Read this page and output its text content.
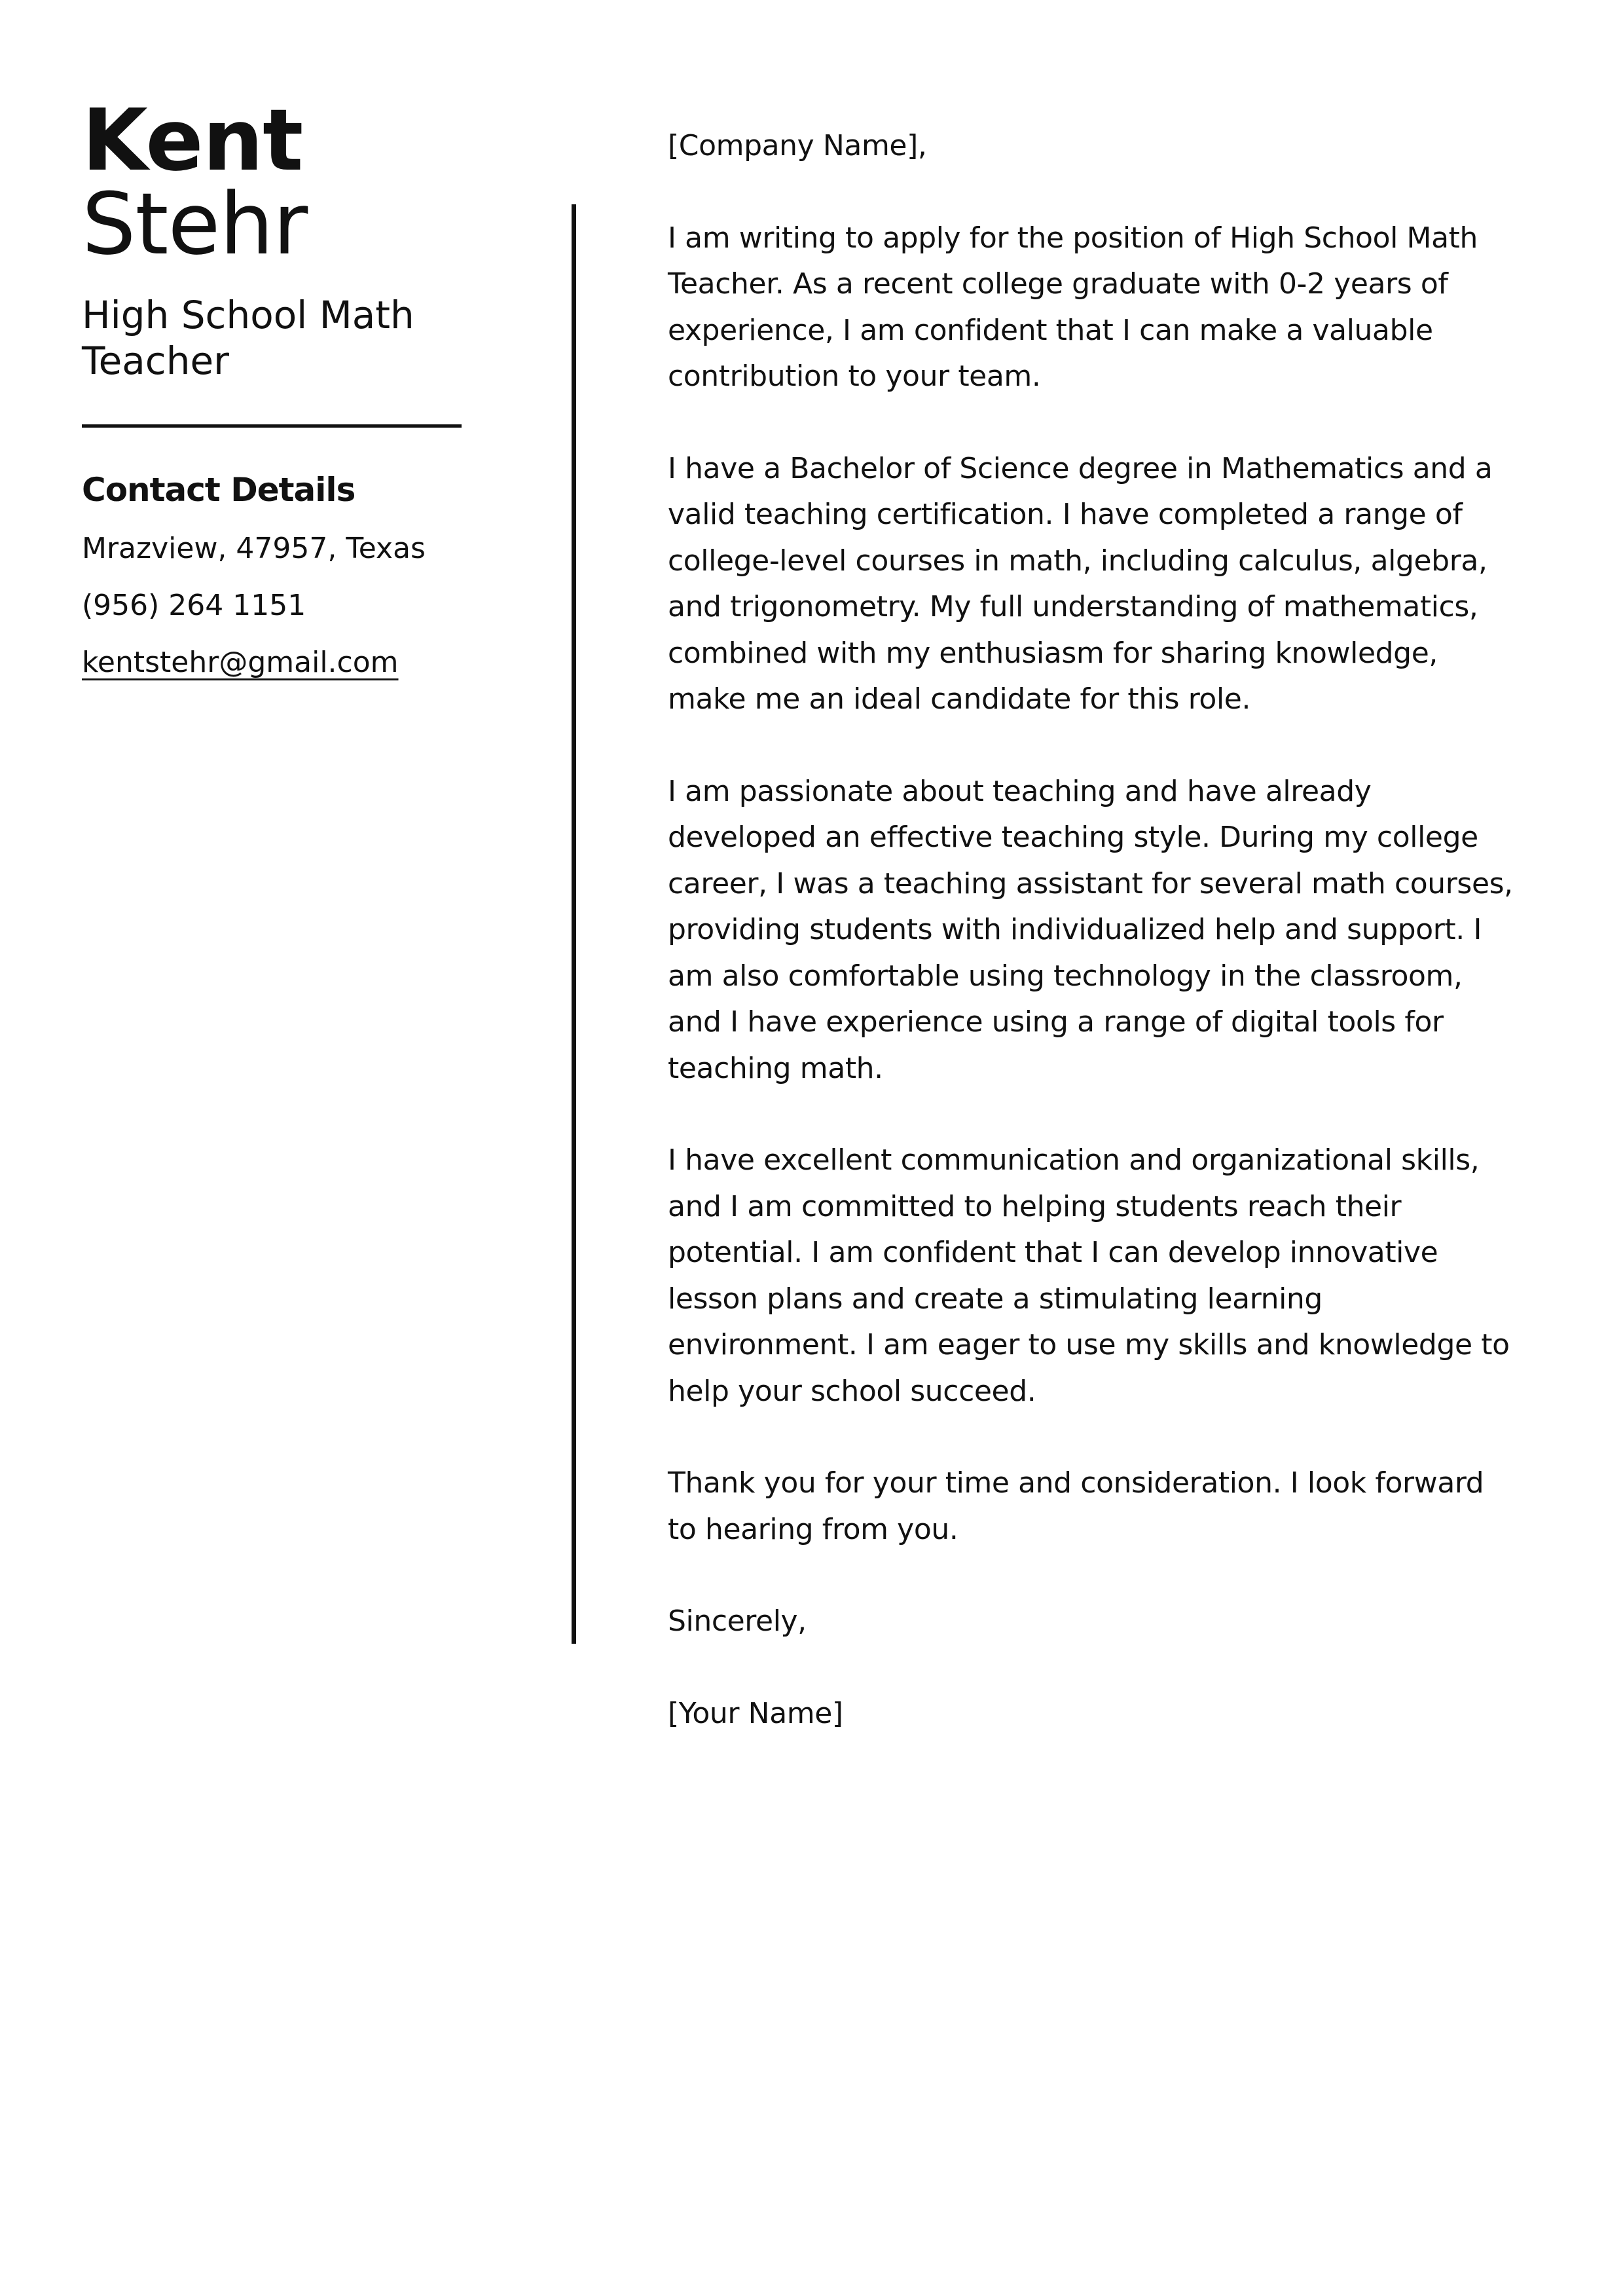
Kent
Stehr
High School Math Teacher
Contact Details

Mrazview, 47957, Texas

(956) 264 1151

kentstehr@gmail.com

[Company Name],

I am writing to apply for the position of High School Math Teacher. As a recent college graduate with 0-2 years of experience, I am confident that I can make a valuable contribution to your team.

I have a Bachelor of Science degree in Mathematics and a valid teaching certification. I have completed a range of college-level courses in math, including calculus, algebra, and trigonometry. My full understanding of mathematics, combined with my enthusiasm for sharing knowledge, make me an ideal candidate for this role.

I am passionate about teaching and have already developed an effective teaching style. During my college career, I was a teaching assistant for several math courses, providing students with individualized help and support. I am also comfortable using technology in the classroom, and I have experience using a range of digital tools for teaching math.

I have excellent communication and organizational skills, and I am committed to helping students reach their potential. I am confident that I can develop innovative lesson plans and create a stimulating learning environment. I am eager to use my skills and knowledge to help your school succeed.

Thank you for your time and consideration. I look forward to hearing from you.

Sincerely,

[Your Name]
